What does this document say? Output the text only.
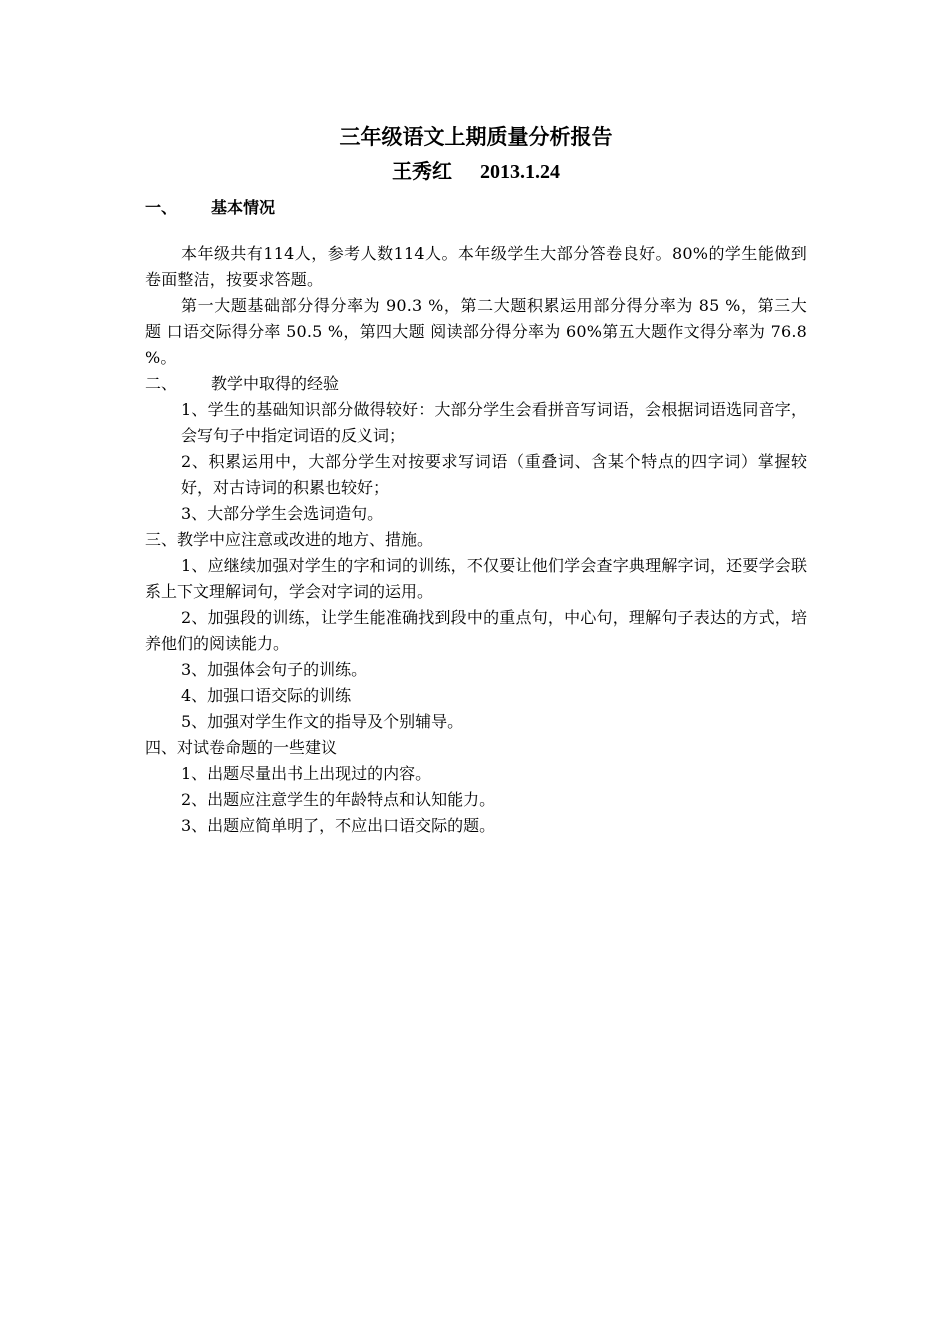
三年级语文上期质量分析报告
王秀红 2013.1.24
一、 基本情况

本年级共有114人，参考人数114人。本年级学生大部分答卷良好。80%的学生能做到卷面整洁，按要求答题。

第一大题基础部分得分率为 90.3 %，第二大题积累运用部分得分率为 85 %，第三大题 口语交际得分率 50.5 %，第四大题 阅读部分得分率为 60%第五大题作文得分率为 76.8 %。

二、 教学中取得的经验

1、学生的基础知识部分做得较好：大部分学生会看拼音写词语，会根据词语选同音字，会写句子中指定词语的反义词；

2、积累运用中，大部分学生对按要求写词语（重叠词、含某个特点的四字词）掌握较好，对古诗词的积累也较好；

3、大部分学生会选词造句。

三、教学中应注意或改进的地方、措施。

1、应继续加强对学生的字和词的训练，不仅要让他们学会查字典理解字词，还要学会联系上下文理解词句，学会对字词的运用。

2、加强段的训练，让学生能准确找到段中的重点句，中心句，理解句子表达的方式，培养他们的阅读能力。

3、加强体会句子的训练。

4、加强口语交际的训练

5、加强对学生作文的指导及个别辅导。

四、对试卷命题的一些建议

1、出题尽量出书上出现过的内容。

2、出题应注意学生的年龄特点和认知能力。

3、出题应简单明了，不应出口语交际的题。
